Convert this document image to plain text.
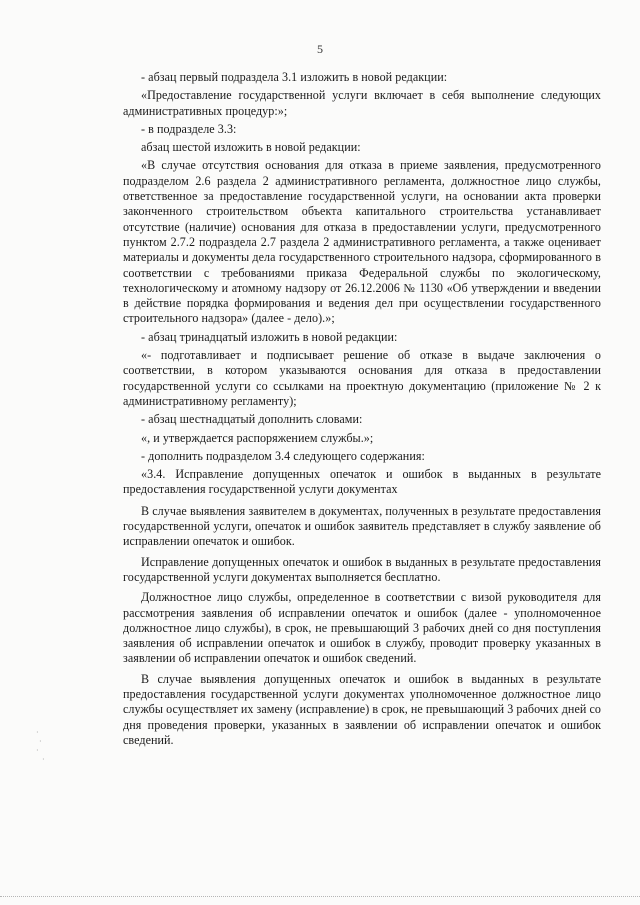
5

- абзац первый подраздела 3.1 изложить в новой редакции:

«Предоставление государственной услуги включает в себя выполнение следующих административных процедур:»;

- в подразделе 3.3:

абзац шестой изложить в новой редакции:

«В случае отсутствия основания для отказа в приеме заявления, предусмотренного подразделом 2.6 раздела 2 административного регламента, должностное лицо службы, ответственное за предоставление государственной услуги, на основании акта проверки законченного строительством объекта капитального строительства устанавливает отсутствие (наличие) основания для отказа в предоставлении услуги, предусмотренного пунктом 2.7.2 подраздела 2.7 раздела 2 административного регламента, а также оценивает материалы и документы дела государственного строительного надзора, сформированного в соответствии с требованиями приказа Федеральной службы по экологическому, технологическому и атомному надзору от 26.12.2006 № 1130 «Об утверждении и введении в действие порядка формирования и ведения дел при осуществлении государственного строительного надзора» (далее - дело).»;

- абзац тринадцатый изложить в новой редакции:

«- подготавливает и подписывает решение об отказе в выдаче заключения о соответствии, в котором указываются основания для отказа в предоставлении государственной услуги со ссылками на проектную документацию (приложение № 2 к административному регламенту);

- абзац шестнадцатый дополнить словами:

«, и утверждается распоряжением службы.»;

- дополнить подразделом 3.4 следующего содержания:

«3.4. Исправление допущенных опечаток и ошибок в выданных в результате предоставления государственной услуги документах

В случае выявления заявителем в документах, полученных в результате предоставления государственной услуги, опечаток и ошибок заявитель представляет в службу заявление об исправлении опечаток и ошибок.

Исправление допущенных опечаток и ошибок в выданных в результате предоставления государственной услуги документах выполняется бесплатно.

Должностное лицо службы, определенное в соответствии с визой руководителя для рассмотрения заявления об исправлении опечаток и ошибок (далее - уполномоченное должностное лицо службы), в срок, не превышающий 3 рабочих дней со дня поступления заявления об исправлении опечаток и ошибок в службу, проводит проверку указанных в заявлении об исправлении опечаток и ошибок сведений.

В случае выявления допущенных опечаток и ошибок в выданных в результате предоставления государственной услуги документах уполномоченное должностное лицо службы осуществляет их замену (исправление) в срок, не превышающий 3 рабочих дней со дня проведения проверки, указанных в заявлении об исправлении опечаток и ошибок сведений.

·
·
·
·
